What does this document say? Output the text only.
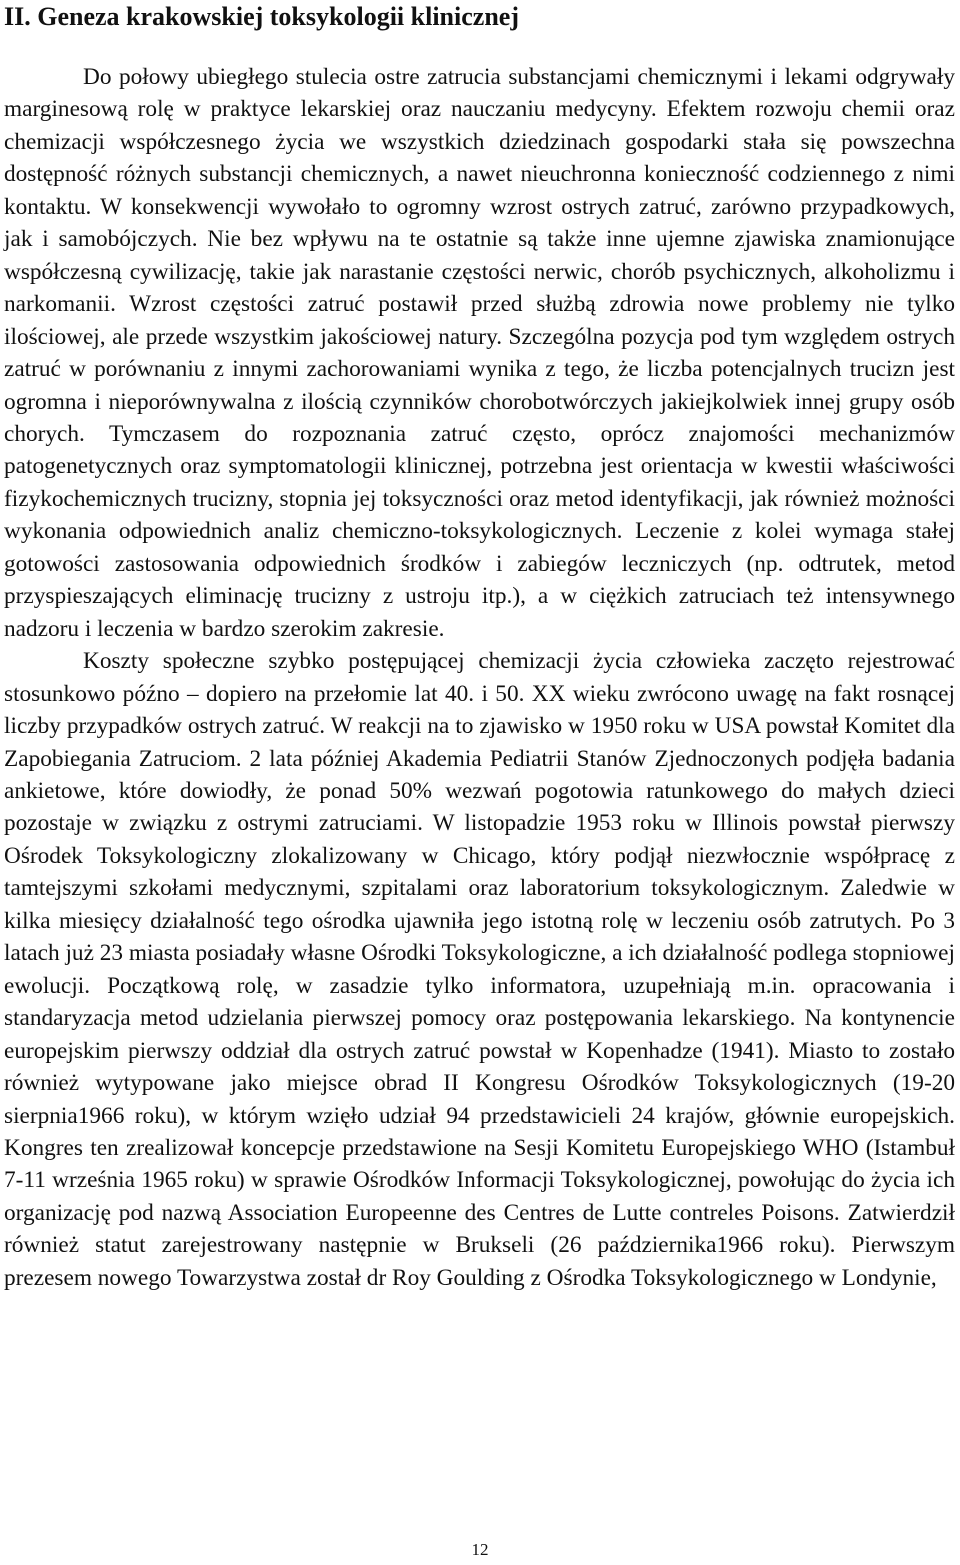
II. Geneza krakowskiej toksykologii klinicznej

Do połowy ubiegłego stulecia ostre zatrucia substancjami chemicznymi i lekami odgrywały marginesową rolę w praktyce lekarskiej oraz nauczaniu medycyny. Efektem rozwoju chemii oraz chemizacji współczesnego życia we wszystkich dziedzinach gospodarki stała się powszechna dostępność różnych substancji chemicznych, a nawet nieuchronna konieczność codziennego z nimi kontaktu. W konsekwencji wywołało to ogromny wzrost ostrych zatruć, zarówno przypadkowych, jak i samobójczych. Nie bez wpływu na te ostatnie są także inne ujemne zjawiska znamionujące współczesną cywilizację, takie jak narastanie częstości nerwic, chorób psychicznych, alkoholizmu i narkomanii. Wzrost częstości zatruć postawił przed służbą zdrowia nowe problemy nie tylko ilościowej, ale przede wszystkim jakościowej natury. Szczególna pozycja pod tym względem ostrych zatruć w porównaniu z innymi zachorowaniami wynika z tego, że liczba potencjalnych trucizn jest ogromna i nieporównywalna z ilością czynników chorobotwórczych jakiejkolwiek innej grupy osób chorych. Tymczasem do rozpoznania zatruć często, oprócz znajomości mechanizmów patogenetycznych oraz symptomatologii klinicznej, potrzebna jest orientacja w kwestii właściwości fizykochemicznych trucizny, stopnia jej toksyczności oraz metod identyfikacji, jak również możności wykonania odpowiednich analiz chemiczno-toksykologicznych. Leczenie z kolei wymaga stałej gotowości zastosowania odpowiednich środków i zabiegów leczniczych (np. odtrutek, metod przyspieszających eliminację trucizny z ustroju itp.), a w ciężkich zatruciach też intensywnego nadzoru i leczenia w bardzo szerokim zakresie.

Koszty społeczne szybko postępującej chemizacji życia człowieka zaczęto rejestrować stosunkowo późno – dopiero na przełomie lat 40. i 50. XX wieku zwrócono uwagę na fakt rosnącej liczby przypadków ostrych zatruć. W reakcji na to zjawisko w 1950 roku w USA powstał Komitet dla Zapobiegania Zatruciom. 2 lata później Akademia Pediatrii Stanów Zjednoczonych podjęła badania ankietowe, które dowiodły, że ponad 50% wezwań pogotowia ratunkowego do małych dzieci pozostaje w związku z ostrymi zatruciami. W listopadzie 1953 roku w Illinois powstał pierwszy Ośrodek Toksykologiczny zlokalizowany w Chicago, który podjął niezwłocznie współpracę z tamtejszymi szkołami medycznymi, szpitalami oraz laboratorium toksykologicznym. Zaledwie w kilka miesięcy działalność tego ośrodka ujawniła jego istotną rolę w leczeniu osób zatrutych. Po 3 latach już 23 miasta posiadały własne Ośrodki Toksykologiczne, a ich działalność podlega stopniowej ewolucji. Początkową rolę, w zasadzie tylko informatora, uzupełniają m.in. opracowania i standaryzacja metod udzielania pierwszej pomocy oraz postępowania lekarskiego. Na kontynencie europejskim pierwszy oddział dla ostrych zatruć powstał w Kopenhadze (1941). Miasto to zostało również wytypowane jako miejsce obrad II Kongresu Ośrodków Toksykologicznych (19-20 sierpnia1966 roku), w którym wzięło udział 94 przedstawicieli 24 krajów, głównie europejskich. Kongres ten zrealizował koncepcje przedstawione na Sesji Komitetu Europejskiego WHO (Istambuł 7-11 września 1965 roku) w sprawie Ośrodków Informacji Toksykologicznej, powołując do życia ich organizację pod nazwą Association Europeenne des Centres de Lutte contreles Poisons. Zatwierdził również statut zarejestrowany następnie w Brukseli (26 października1966 roku). Pierwszym prezesem nowego Towarzystwa został dr Roy Goulding z Ośrodka Toksykologicznego w Londynie,

12
